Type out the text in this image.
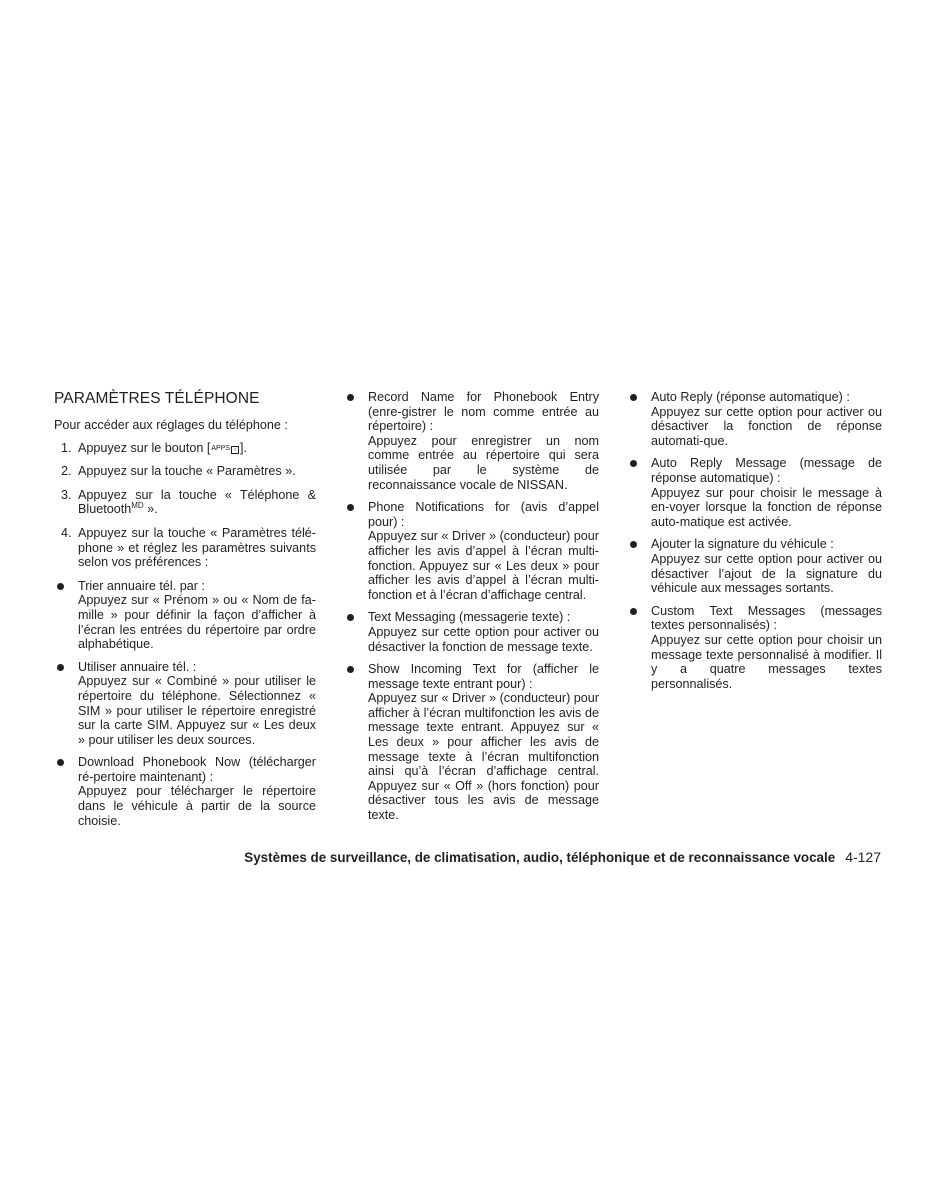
PARAMÈTRES TÉLÉPHONE

Pour accéder aux réglages du téléphone :

1. Appuyez sur le bouton [APPS i ].
2. Appuyez sur la touche « Paramètres ».
3. Appuyez sur la touche « Téléphone & Bluetooth$^{MD}$ ».
4. Appuyez sur la touche « Paramètres télé-phone » et réglez les paramètres suivants selon vos préférences :
Trier annuaire tél. par :
Appuyez sur « Prénom » ou « Nom de fa-mille » pour définir la façon d’afficher à l’écran les entrées du répertoire par ordre alphabétique.
Utiliser annuaire tél. :
Appuyez sur « Combiné » pour utiliser le répertoire du téléphone. Sélectionnez « SIM » pour utiliser le répertoire enregistré sur la carte SIM. Appuyez sur « Les deux » pour utiliser les deux sources.
Download Phonebook Now (télécharger ré-pertoire maintenant) :
Appuyez pour télécharger le répertoire dans le véhicule à partir de la source choisie.
Record Name for Phonebook Entry (enre-gistrer le nom comme entrée au répertoire) :
Appuyez pour enregistrer un nom comme entrée au répertoire qui sera utilisée par le système de reconnaissance vocale de NISSAN.
Phone Notifications for (avis d’appel pour) :
Appuyez sur « Driver » (conducteur) pour afficher les avis d’appel à l’écran multi-fonction. Appuyez sur « Les deux » pour afficher les avis d’appel à l’écran multi-fonction et à l’écran d’affichage central.
Text Messaging (messagerie texte) :
Appuyez sur cette option pour activer ou désactiver la fonction de message texte.
Show Incoming Text for (afficher le message texte entrant pour) :
Appuyez sur « Driver » (conducteur) pour afficher à l’écran multifonction les avis de message texte entrant. Appuyez sur « Les deux » pour afficher les avis de message texte à l’écran multifonction ainsi qu’à l’écran d’affichage central. Appuyez sur « Off » (hors fonction) pour désactiver tous les avis de message texte.
Auto Reply (réponse automatique) :
Appuyez sur cette option pour activer ou désactiver la fonction de réponse automati-que.
Auto Reply Message (message de réponse automatique) :
Appuyez sur pour choisir le message à en-voyer lorsque la fonction de réponse auto-matique est activée.
Ajouter la signature du véhicule :
Appuyez sur cette option pour activer ou désactiver l’ajout de la signature du véhicule aux messages sortants.
Custom Text Messages (messages textes personnalisés) :
Appuyez sur cette option pour choisir un message texte personnalisé à modifier. Il y a quatre messages textes personnalisés.
Systèmes de surveillance, de climatisation, audio, téléphonique et de reconnaissance vocale 4-127
